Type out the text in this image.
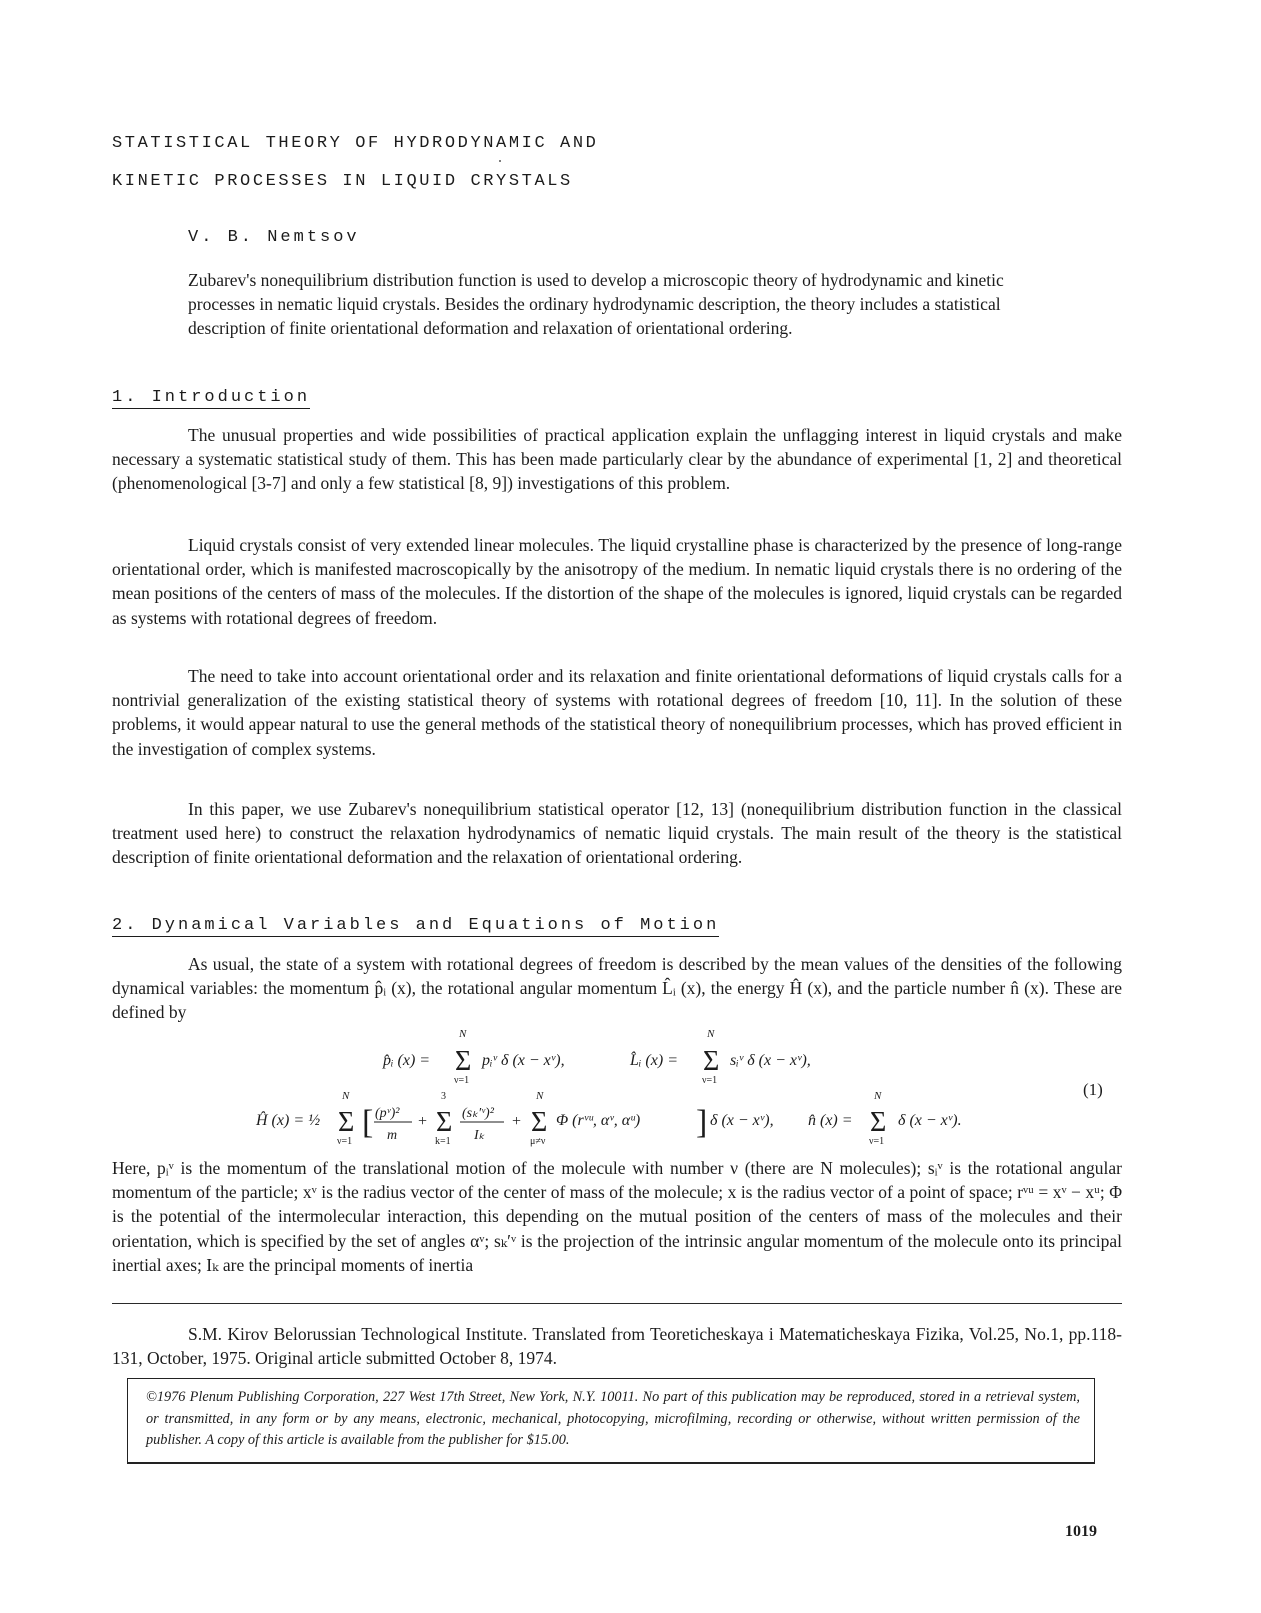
STATISTICAL THEORY OF HYDRODYNAMIC AND
KINETIC PROCESSES IN LIQUID CRYSTALS
V. B. Nemtsov

Zubarev's nonequilibrium distribution function is used to develop a microscopic theory of hydrodynamic and kinetic processes in nematic liquid crystals. Besides the ordinary hydrodynamic description, the theory includes a statistical description of finite orientational deformation and relaxation of orientational ordering.

1. Introduction

The unusual properties and wide possibilities of practical application explain the unflagging interest in liquid crystals and make necessary a systematic statistical study of them. This has been made particularly clear by the abundance of experimental [1, 2] and theoretical (phenomenological [3-7] and only a few statistical [8, 9]) investigations of this problem.

Liquid crystals consist of very extended linear molecules. The liquid crystalline phase is characterized by the presence of long-range orientational order, which is manifested macroscopically by the anisotropy of the medium. In nematic liquid crystals there is no ordering of the mean positions of the centers of mass of the molecules. If the distortion of the shape of the molecules is ignored, liquid crystals can be regarded as systems with rotational degrees of freedom.

The need to take into account orientational order and its relaxation and finite orientational deformations of liquid crystals calls for a nontrivial generalization of the existing statistical theory of systems with rotational degrees of freedom [10, 11]. In the solution of these problems, it would appear natural to use the general methods of the statistical theory of nonequilibrium processes, which has proved efficient in the investigation of complex systems.

In this paper, we use Zubarev's nonequilibrium statistical operator [12, 13] (nonequilibrium distribution function in the classical treatment used here) to construct the relaxation hydrodynamics of nematic liquid crystals. The main result of the theory is the statistical description of finite orientational deformation and the relaxation of orientational ordering.

2. Dynamical Variables and Equations of Motion

As usual, the state of a system with rotational degrees of freedom is described by the mean values of the densities of the following dynamical variables: the momentum p̂ᵢ (x), the rotational angular momentum L̂ᵢ (x), the energy Ĥ (x), and the particle number n̂ (x). These are defined by

p̂ᵢ (x) = Σ
N
ν=1
pᵢᵛ δ (x − xᵛ),	L̂ᵢ (x) = Σ
N
ν=1
sᵢᵛ δ (x − xᵛ),
Ĥ (x) = ½ Σ
N
ν=1
[ (pᵛ)²
m
+ Σ
3
k=1
(sₖ′ᵛ)²
Iₖ
+ Σ
N
μ≠ν
Φ (rᵛᵘ, αᵛ, αᵘ) ] δ (x − xᵛ), n̂ (x) = Σ
N
ν=1
δ (x − xᵛ).
(1)

Here, pᵢᵛ is the momentum of the translational motion of the molecule with number ν (there are N molecules); sᵢᵛ is the rotational angular momentum of the particle; xᵛ is the radius vector of the center of mass of the molecule; x is the radius vector of a point of space; rᵛᵘ = xᵛ − xᵘ; Φ is the potential of the intermolecular interaction, this depending on the mutual position of the centers of mass of the molecules and their orientation, which is specified by the set of angles αᵛ; sₖ′ᵛ is the projection of the intrinsic angular momentum of the molecule onto its principal inertial axes; Iₖ are the principal moments of inertia

S.M. Kirov Belorussian Technological Institute. Translated from Teoreticheskaya i Matematicheskaya Fizika, Vol.25, No.1, pp.118-131, October, 1975. Original article submitted October 8, 1974.

©1976 Plenum Publishing Corporation, 227 West 17th Street, New York, N.Y. 10011. No part of this publication may be reproduced, stored in a retrieval system, or transmitted, in any form or by any means, electronic, mechanical, photocopying, microfilming, recording or otherwise, without written permission of the publisher. A copy of this article is available from the publisher for $15.00.

1019
